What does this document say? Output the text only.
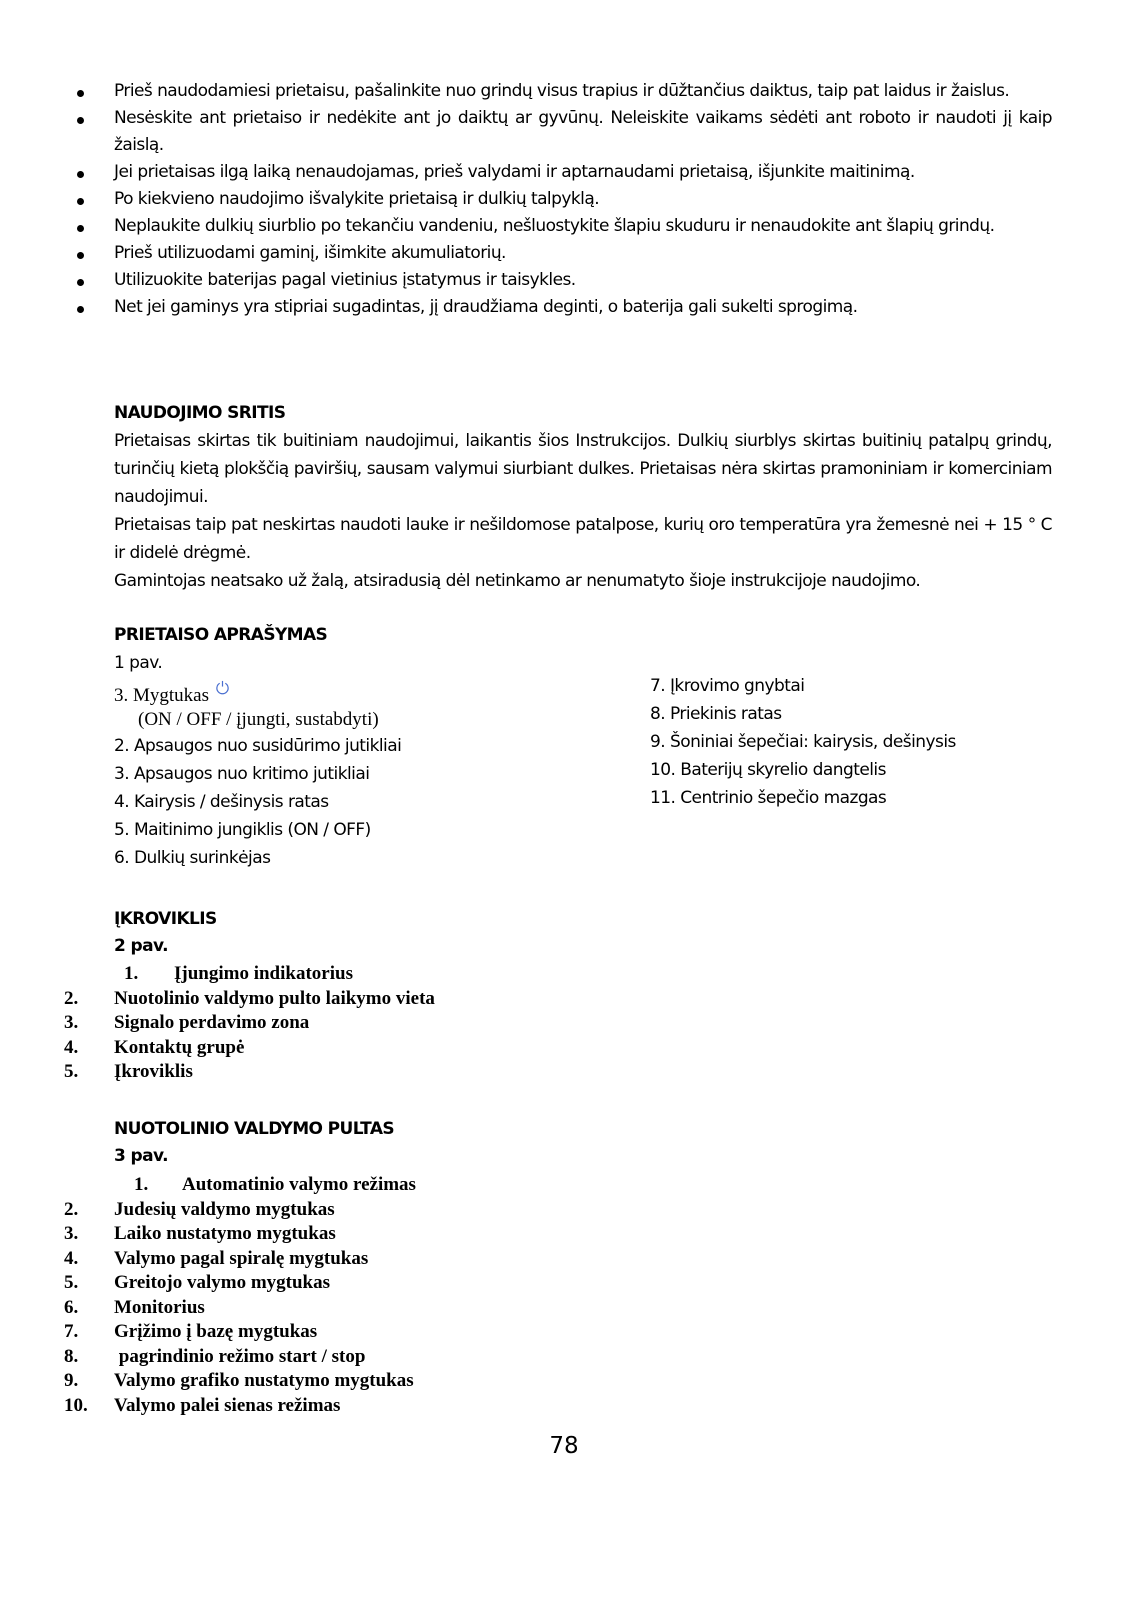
Prieš naudodamiesi prietaisu, pašalinkite nuo grindų visus trapius ir dūžtančius daiktus, taip pat laidus ir žaislus.
Nesėskite ant prietaiso ir nedėkite ant jo daiktų ar gyvūnų. Neleiskite vaikams sėdėti ant roboto ir naudoti jį kaip žaislą.
Jei prietaisas ilgą laiką nenaudojamas, prieš valydami ir aptarnaudami prietaisą, išjunkite maitinimą.
Po kiekvieno naudojimo išvalykite prietaisą ir dulkių talpyklą.
Neplaukite dulkių siurblio po tekančiu vandeniu, nešluostykite šlapiu skuduru ir nenaudokite ant šlapių grindų.
Prieš utilizuodami gaminį, išimkite akumuliatorių.
Utilizuokite baterijas pagal vietinius įstatymus ir taisykles.
Net jei gaminys yra stipriai sugadintas, jį draudžiama deginti, o baterija gali sukelti sprogimą.
NAUDOJIMO SRITIS
Prietaisas skirtas tik buitiniam naudojimui, laikantis šios Instrukcijos. Dulkių siurblys skirtas buitinių patalpų grindų, turinčių kietą plokščią paviršių, sausam valymui siurbiant dulkes. Prietaisas nėra skirtas pramoniniam ir komerciniam naudojimui.
Prietaisas taip pat neskirtas naudoti lauke ir nešildomose patalpose, kurių oro temperatūra yra žemesnė nei + 15 ° C ir didelė drėgmė.
Gamintojas neatsako už žalą, atsiradusią dėl netinkamo ar nenumatyto šioje instrukcijoje naudojimo.
PRIETAISO APRAŠYMAS
1 pav.
3. Mygtukas
(ON / OFF / įjungti, sustabdyti)
2. Apsaugos nuo susidūrimo jutikliai
3. Apsaugos nuo kritimo jutikliai
4. Kairysis / dešinysis ratas
5. Maitinimo jungiklis (ON / OFF)
6. Dulkių surinkėjas
7. Įkrovimo gnybtai
8. Priekinis ratas
9. Šoniniai šepečiai: kairysis, dešinysis
10. Baterijų skyrelio dangtelis
11. Centrinio šepečio mazgas
ĮKROVIKLIS
2 pav.
1.	Įjungimo indikatorius
2.	Nuotolinio valdymo pulto laikymo vieta
3.	Signalo perdavimo zona
4.	Kontaktų grupė
5.	Įkroviklis
NUOTOLINIO VALDYMO PULTAS
3 pav.
1.	Automatinio valymo režimas
2.	Judesių valdymo mygtukas
3.	Laiko nustatymo mygtukas
4.	Valymo pagal spiralę mygtukas
5.	Greitojo valymo mygtukas
6.	Monitorius
7.	Grįžimo į bazę mygtukas
8.	pagrindinio režimo start / stop
9.	Valymo grafiko nustatymo mygtukas
10.	Valymo palei sienas režimas
78
